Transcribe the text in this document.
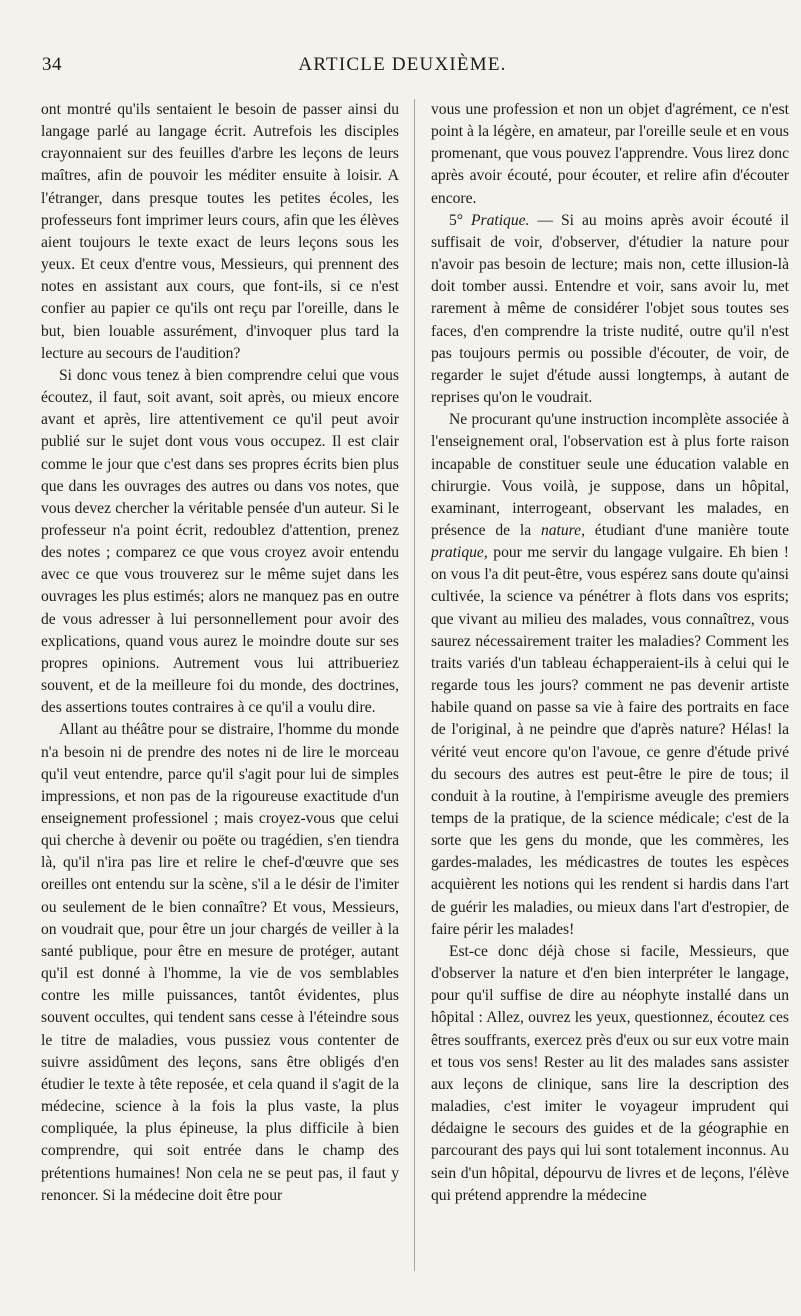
34	ARTICLE DEUXIÈME.

ont montré qu'ils sentaient le besoin de passer ainsi du langage parlé au langage écrit. Autrefois les disciples crayonnaient sur des feuilles d'arbre les leçons de leurs maîtres, afin de pouvoir les méditer ensuite à loisir. A l'étranger, dans presque toutes les petites écoles, les professeurs font imprimer leurs cours, afin que les élèves aient toujours le texte exact de leurs leçons sous les yeux. Et ceux d'entre vous, Messieurs, qui prennent des notes en assistant aux cours, que font-ils, si ce n'est confier au papier ce qu'ils ont reçu par l'oreille, dans le but, bien louable assurément, d'invoquer plus tard la lecture au secours de l'audition?

Si donc vous tenez à bien comprendre celui que vous écoutez, il faut, soit avant, soit après, ou mieux encore avant et après, lire attentivement ce qu'il peut avoir publié sur le sujet dont vous vous occupez. Il est clair comme le jour que c'est dans ses propres écrits bien plus que dans les ouvrages des autres ou dans vos notes, que vous devez chercher la véritable pensée d'un auteur. Si le professeur n'a point écrit, redoublez d'attention, prenez des notes ; comparez ce que vous croyez avoir entendu avec ce que vous trouverez sur le même sujet dans les ouvrages les plus estimés; alors ne manquez pas en outre de vous adresser à lui personnellement pour avoir des explications, quand vous aurez le moindre doute sur ses propres opinions. Autrement vous lui attribueriez souvent, et de la meilleure foi du monde, des doctrines, des assertions toutes contraires à ce qu'il a voulu dire.

Allant au théâtre pour se distraire, l'homme du monde n'a besoin ni de prendre des notes ni de lire le morceau qu'il veut entendre, parce qu'il s'agit pour lui de simples impressions, et non pas de la rigoureuse exactitude d'un enseignement professionel ; mais croyez-vous que celui qui cherche à devenir ou poëte ou tragédien, s'en tiendra là, qu'il n'ira pas lire et relire le chef-d'œuvre que ses oreilles ont entendu sur la scène, s'il a le désir de l'imiter ou seulement de le bien connaître? Et vous, Messieurs, on voudrait que, pour être un jour chargés de veiller à la santé publique, pour être en mesure de protéger, autant qu'il est donné à l'homme, la vie de vos semblables contre les mille puissances, tantôt évidentes, plus souvent occultes, qui tendent sans cesse à l'éteindre sous le titre de maladies, vous pussiez vous contenter de suivre assidûment des leçons, sans être obligés d'en étudier le texte à tête reposée, et cela quand il s'agit de la médecine, science à la fois la plus vaste, la plus compliquée, la plus épineuse, la plus difficile à bien comprendre, qui soit entrée dans le champ des prétentions humaines! Non cela ne se peut pas, il faut y renoncer. Si la médecine doit être pour

vous une profession et non un objet d'agrément, ce n'est point à la légère, en amateur, par l'oreille seule et en vous promenant, que vous pouvez l'apprendre. Vous lirez donc après avoir écouté, pour écouter, et relire afin d'écouter encore.

5° Pratique. — Si au moins après avoir écouté il suffisait de voir, d'observer, d'étudier la nature pour n'avoir pas besoin de lecture; mais non, cette illusion-là doit tomber aussi. Entendre et voir, sans avoir lu, met rarement à même de considérer l'objet sous toutes ses faces, d'en comprendre la triste nudité, outre qu'il n'est pas toujours permis ou possible d'écouter, de voir, de regarder le sujet d'étude aussi longtemps, à autant de reprises qu'on le voudrait.

Ne procurant qu'une instruction incomplète associée à l'enseignement oral, l'observation est à plus forte raison incapable de constituer seule une éducation valable en chirurgie. Vous voilà, je suppose, dans un hôpital, examinant, interrogeant, observant les malades, en présence de la nature, étudiant d'une manière toute pratique, pour me servir du langage vulgaire. Eh bien ! on vous l'a dit peut-être, vous espérez sans doute qu'ainsi cultivée, la science va pénétrer à flots dans vos esprits; que vivant au milieu des malades, vous connaîtrez, vous saurez nécessairement traiter les maladies? Comment les traits variés d'un tableau échapperaient-ils à celui qui le regarde tous les jours? comment ne pas devenir artiste habile quand on passe sa vie à faire des portraits en face de l'original, à ne peindre que d'après nature? Hélas! la vérité veut encore qu'on l'avoue, ce genre d'étude privé du secours des autres est peut-être le pire de tous; il conduit à la routine, à l'empirisme aveugle des premiers temps de la pratique, de la science médicale; c'est de la sorte que les gens du monde, que les commères, les gardes-malades, les médicastres de toutes les espèces acquièrent les notions qui les rendent si hardis dans l'art de guérir les maladies, ou mieux dans l'art d'estropier, de faire périr les malades!

Est-ce donc déjà chose si facile, Messieurs, que d'observer la nature et d'en bien interpréter le langage, pour qu'il suffise de dire au néophyte installé dans un hôpital : Allez, ouvrez les yeux, questionnez, écoutez ces êtres souffrants, exercez près d'eux ou sur eux votre main et tous vos sens! Rester au lit des malades sans assister aux leçons de clinique, sans lire la description des maladies, c'est imiter le voyageur imprudent qui dédaigne le secours des guides et de la géographie en parcourant des pays qui lui sont totalement inconnus. Au sein d'un hôpital, dépourvu de livres et de leçons, l'élève qui prétend apprendre la médecine
